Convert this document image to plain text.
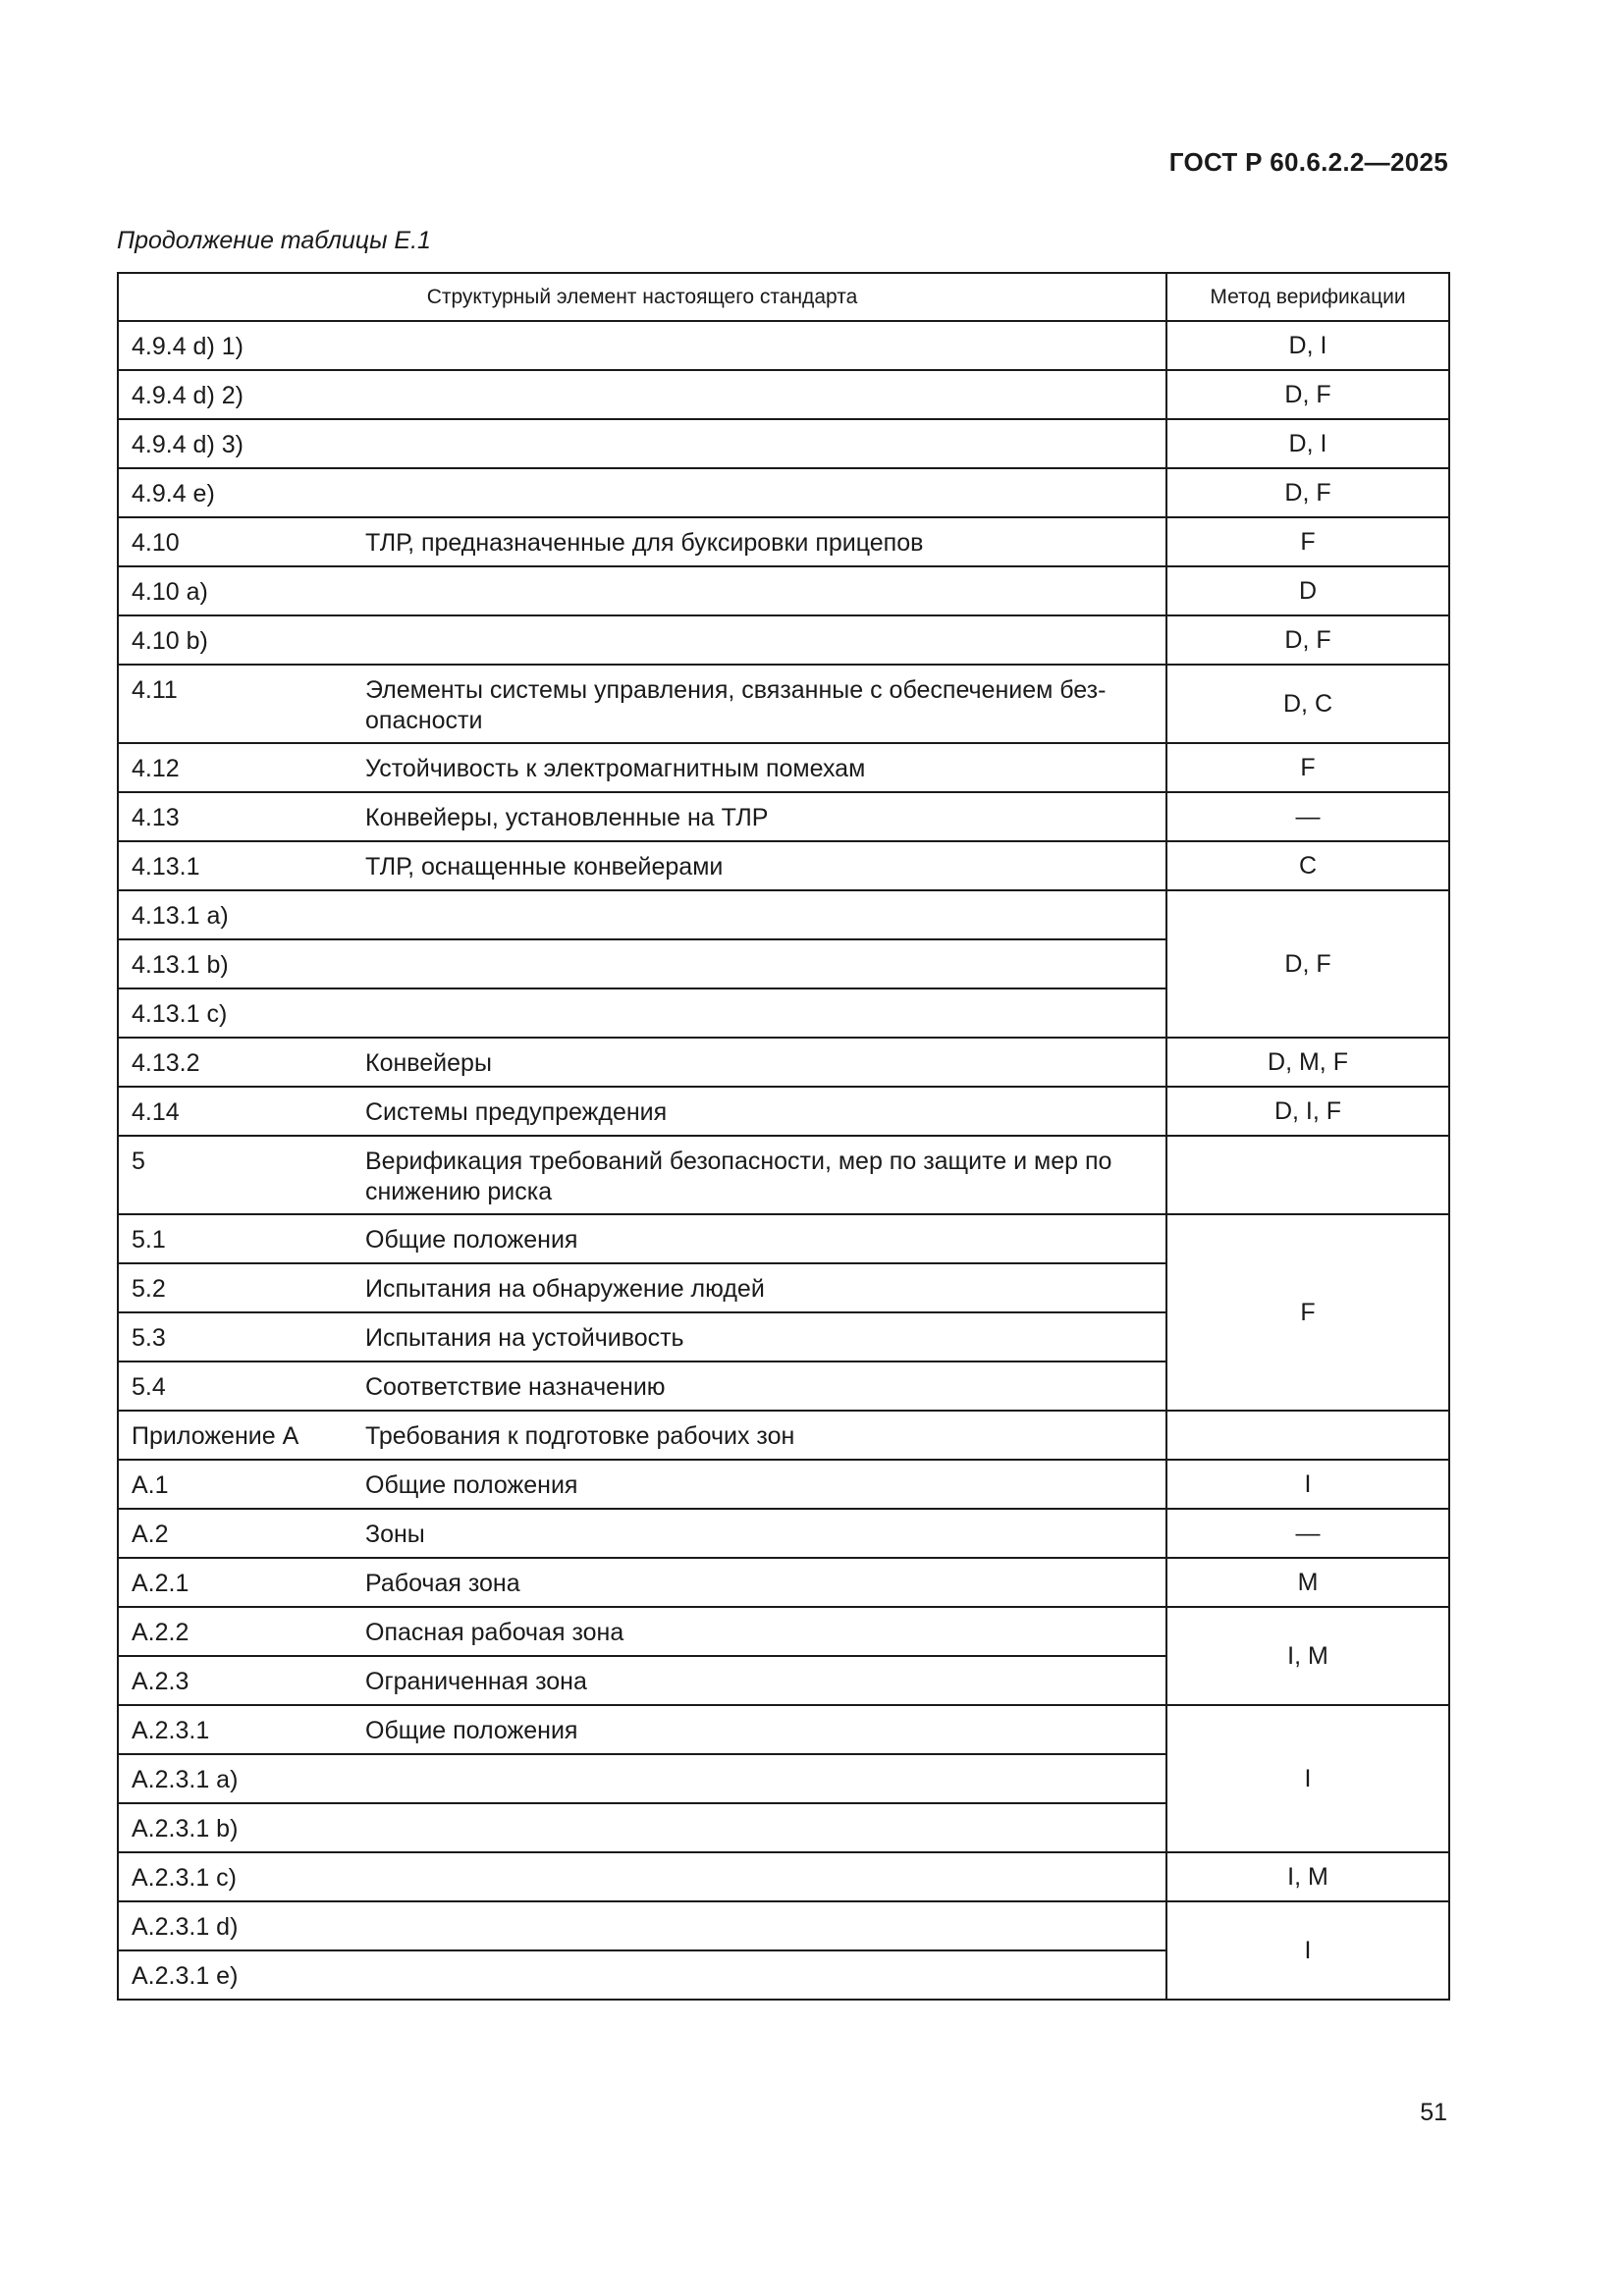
ГОСТ Р 60.6.2.2—2025
Продолжение таблицы Е.1
Структурный элемент настоящего стандарта	Метод верификации

4.9.4 d) 1)	D, I

4.9.4 d) 2)	D, F

4.9.4 d) 3)	D, I

4.9.4 e)	D, F

4.10 ТЛР, предназначенные для буксировки прицепов	F

4.10 a)	D

4.10 b)	D, F

4.11 Элементы системы управления, связанные с обеспечением без-опасности	D, C

4.12 Устойчивость к электромагнитным помехам	F

4.13 Конвейеры, установленные на ТЛР	—

4.13.1 ТЛР, оснащенные конвейерами	C

4.13.1 a)	D, F

4.13.1 b)	

4.13.1 c)	

4.13.2 Конвейеры	D, M, F

4.14 Системы предупреждения	D, I, F

5 Верификация требований безопасности, мер по защите и мер по снижению риска	

5.1 Общие положения	F

5.2 Испытания на обнаружение людей	

5.3 Испытания на устойчивость	

5.4 Соответствие назначению	

Приложение А Требования к подготовке рабочих зон	

А.1 Общие положения	I

А.2 Зоны	—

А.2.1 Рабочая зона	M

А.2.2 Опасная рабочая зона	I, M

А.2.3 Ограниченная зона	

А.2.3.1 Общие положения	I

А.2.3.1 a)	

А.2.3.1 b)	

А.2.3.1 c)	I, M

А.2.3.1 d)	I

А.2.3.1 e)	
51
